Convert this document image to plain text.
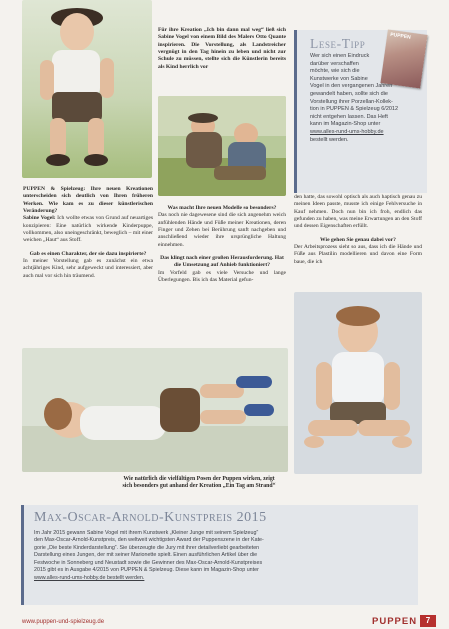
PUPPEN & Spielzeug: Ihre neuen Kreationen unterscheiden sich deutlich von Ihren früheren Werken. Wie kam es zu dieser künstlerischen Veränderung?

Sabine Vogel: Ich wollte etwas von Grund auf neuartiges konzipieren: Eine natürlich wirkende Kinderpuppe, vollkommen, also uneingeschränkt, beweglich – mit einer weichen „Haut“ aus Stoff.

Gab es einen Charakter, der sie dazu inspirierte?

In meiner Vorstellung gab es zunächst ein etwa achtjähriges Kind, sehr aufgeweckt und interessiert, aber auch mal vor sich hin träumend.

Für ihre Kreation „Ich bin dann mal weg“ ließ sich Sabine Vogel von einem Bild des Malers Otto Quante inspirieren. Die Vorstellung, als Landstreicher vergnügt in den Tag hinein zu leben und nicht zur Schule zu müssen, stellte sich die Künstlerin bereits als Kind herrlich vor

Was macht Ihre neuen Modelle so besonders?

Das noch nie dagewesene sind die sich angenehm weich anfühlenden Hände und Füße meiner Kreationen, deren Finger und Zehen bei Berührung sanft nachgeben und anschließend wieder ihre ursprüngliche Haltung einnehmen.

Das klingt nach einer großen Herausforderung. Hat die Umsetzung auf Anhieb funktioniert?

Im Vorfeld gab es viele Versuche und lange Überlegungen. Bis ich das Material gefun-

den hatte, das sowohl optisch als auch haptisch genau zu meinen Ideen passte, musste ich einige Fehlversuche in Kauf nehmen. Doch nun bin ich froh, endlich das gefunden zu haben, was meine Erwartungen an den Stoff und dessen Eigenschaften erfüllt.

Wie gehen Sie genau dabei vor?

Der Arbeitsprozess sieht so aus, dass ich die Hände und Füße aus Plastilin modellieren und davon eine Form baue, die ich

Lese-Tipp	PUPPEN
Wer sich einen Eindruck
darüber verschaffen
möchte, wie sich die
Kunstwerke von Sabine
Vogel in den vergangenen Jahren
gewandelt haben, sollte sich die
Vorstellung ihrer Porzellan-Kollek-
tion in PUPPEN & Spielzeug 6/2012
nicht entgehen lassen. Das Heft
kann im Magazin-Shop unter
www.alles-rund-ums-hobby.de
bestellt werden.
Wie natürlich die vielfältigen Posen der Puppen wirken, zeigt
sich besonders gut anhand der Kreation „Ein Tag am Strand“
Max-Oscar-Arnold-Kunstpreis 2015
Im Jahr 2015 gewann Sabine Vogel mit ihrem Kunstwerk „Kleiner Junge mit seinem Spielzeug“
den Max-Oscar-Arnold-Kunstpreis, den weltweit wichtigsten Award der Puppenszene in der Kate-
gorie „Die beste Kinderdarstellung“. Sie überzeugte die Jury mit ihrer detailverliebt gearbeiteten
Darstellung eines Jungen, der mit seiner Marionette spielt. Einen ausführlichen Artikel über die
Festwoche in Sonneberg und Neustadt sowie die Gewinner des Max-Oscar-Arnold-Kunstpreises
2015 gibt es in Ausgabe 4/2015 von PUPPEN & Spielzeug. Diese kann im Magazin-Shop unter
www.alles-rund-ums-hobby.de bestellt werden.
www.puppen-und-spielzeug.de	PUPPEN	7
